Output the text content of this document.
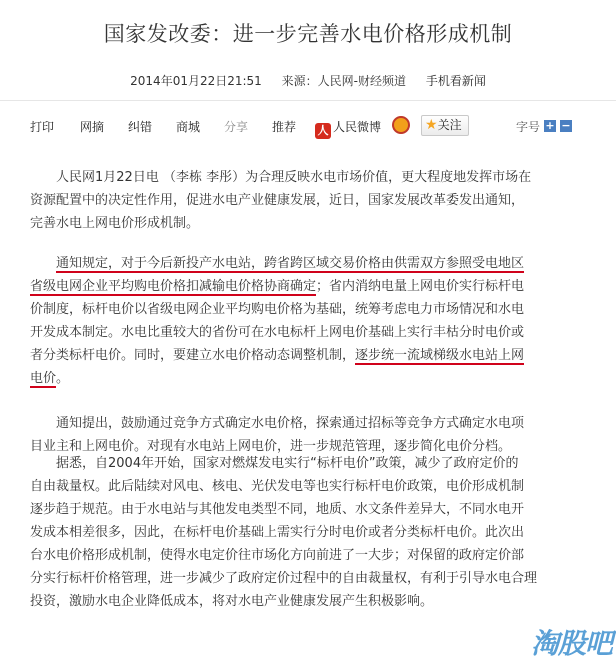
国家发改委：进一步完善水电价格形成机制
2014年01月22日21:51 来源：人民网-财经频道 手机看新闻
打印 网摘 纠错 商城 分享 推荐 人 人民微博	★关注	字号 + −
人民网1月22日电 （李栋 李彤）为合理反映水电市场价值，更大程度地发挥市场在
资源配置中的决定性作用，促进水电产业健康发展，近日，国家发展改革委发出通知，
完善水电上网电价形成机制。
通知规定，对于今后新投产水电站，跨省跨区域交易价格由供需双方参照受电地区
省级电网企业平均购电价格扣减输电价格协商确定；省内消纳电量上网电价实行标杆电
价制度，标杆电价以省级电网企业平均购电价格为基础，统筹考虑电力市场情况和水电
开发成本制定。水电比重较大的省份可在水电标杆上网电价基础上实行丰枯分时电价或
者分类标杆电价。同时，要建立水电价格动态调整机制，逐步统一流域梯级水电站上网
电价。
通知提出，鼓励通过竞争方式确定水电价格，探索通过招标等竞争方式确定水电项
目业主和上网电价。对现有水电站上网电价，进一步规范管理，逐步简化电价分档。
据悉，自2004年开始，国家对燃煤发电实行“标杆电价”政策，减少了政府定价的
自由裁量权。此后陆续对风电、核电、光伏发电等也实行标杆电价政策，电价形成机制
逐步趋于规范。由于水电站与其他发电类型不同，地质、水文条件差异大，不同水电开
发成本相差很多，因此，在标杆电价基础上需实行分时电价或者分类标杆电价。此次出
台水电价格形成机制，使得水电定价往市场化方向前进了一大步；对保留的政府定价部
分实行标杆价格管理，进一步减少了政府定价过程中的自由裁量权，有利于引导水电合理
投资，激励水电企业降低成本，将对水电产业健康发展产生积极影响。
淘股吧
